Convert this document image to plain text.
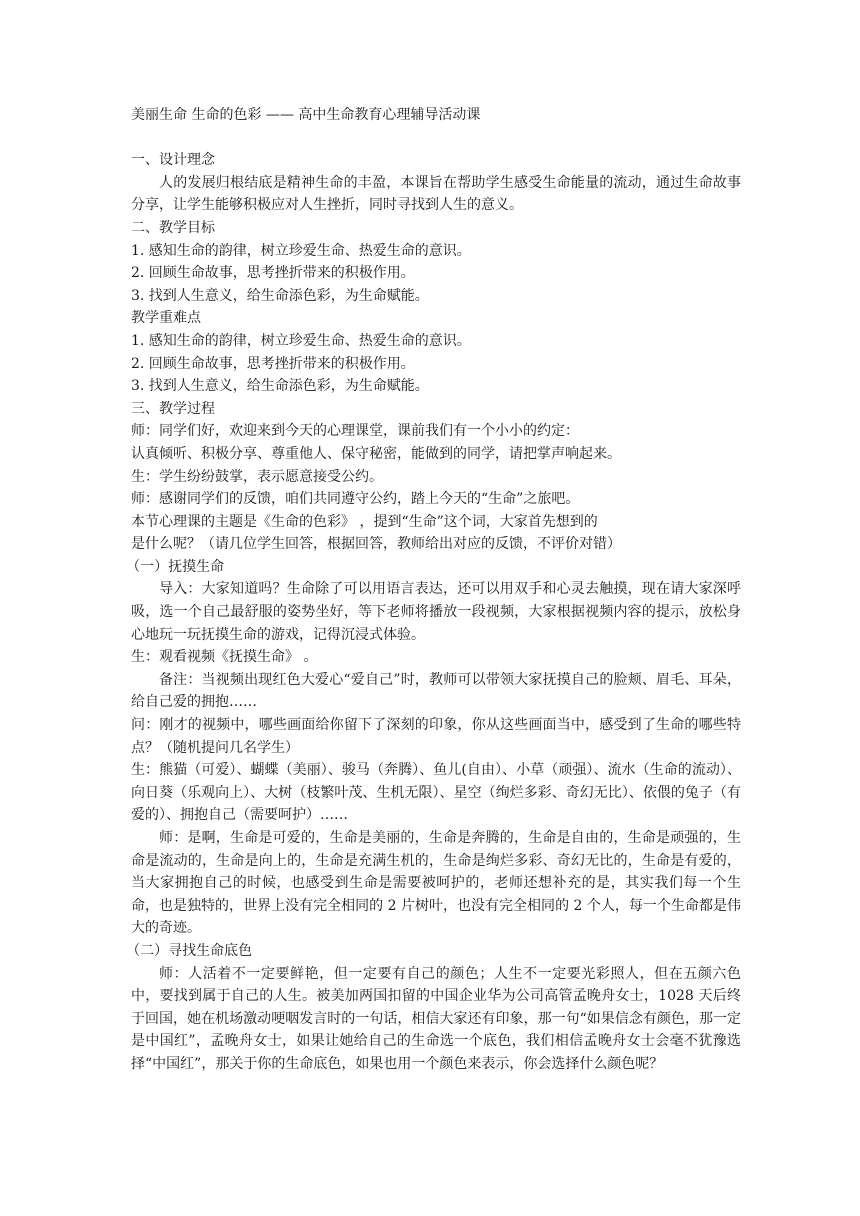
美丽生命 生命的色彩 —— 高中生命教育心理辅导活动课

一、设计理念

人的发展归根结底是精神生命的丰盈，本课旨在帮助学生感受生命能量的流动，通过生命故事分享，让学生能够积极应对人生挫折，同时寻找到人生的意义。

二、教学目标

1. 感知生命的韵律，树立珍爱生命、热爱生命的意识。

2. 回顾生命故事，思考挫折带来的积极作用。

3. 找到人生意义，给生命添色彩，为生命赋能。

教学重难点

1. 感知生命的韵律，树立珍爱生命、热爱生命的意识。

2. 回顾生命故事，思考挫折带来的积极作用。

3. 找到人生意义，给生命添色彩，为生命赋能。

三、教学过程

师：同学们好，欢迎来到今天的心理课堂，课前我们有一个小小的约定：

认真倾听、积极分享、尊重他人、保守秘密，能做到的同学，请把掌声响起来。

生：学生纷纷鼓掌，表示愿意接受公约。

师：感谢同学们的反馈，咱们共同遵守公约，踏上今天的“生命”之旅吧。

本节心理课的主题是《生命的色彩》 ，提到“生命”这个词，大家首先想到的

是什么呢？（请几位学生回答，根据回答，教师给出对应的反馈，不评价对错）

（一）抚摸生命

导入：大家知道吗？生命除了可以用语言表达，还可以用双手和心灵去触摸，现在请大家深呼吸，选一个自己最舒服的姿势坐好，等下老师将播放一段视频，大家根据视频内容的提示，放松身心地玩一玩抚摸生命的游戏，记得沉浸式体验。

生：观看视频《抚摸生命》 。

备注：当视频出现红色大爱心“爱自己”时，教师可以带领大家抚摸自己的脸颊、眉毛、耳朵，给自己爱的拥抱……

问：刚才的视频中，哪些画面给你留下了深刻的印象，你从这些画面当中，感受到了生命的哪些特点？（随机提问几名学生）

生：熊猫（可爱）、蝴蝶（美丽）、骏马（奔腾）、鱼儿(自由）、小草（顽强）、流水（生命的流动）、向日葵（乐观向上）、大树（枝繁叶茂、生机无限）、星空（绚烂多彩、奇幻无比）、依偎的兔子（有爱的）、拥抱自己（需要呵护）……

师：是啊，生命是可爱的，生命是美丽的，生命是奔腾的，生命是自由的，生命是顽强的，生命是流动的，生命是向上的，生命是充满生机的，生命是绚烂多彩、奇幻无比的，生命是有爱的，当大家拥抱自己的时候，也感受到生命是需要被呵护的，老师还想补充的是，其实我们每一个生命，也是独特的，世界上没有完全相同的 2 片树叶，也没有完全相同的 2 个人，每一个生命都是伟大的奇迹。

（二）寻找生命底色

师：人活着不一定要鲜艳，但一定要有自己的颜色；人生不一定要光彩照人，但在五颜六色中，要找到属于自己的人生。被美加两国扣留的中国企业华为公司高管孟晚舟女士，1028 天后终于回国，她在机场激动哽咽发言时的一句话，相信大家还有印象，那一句“如果信念有颜色，那一定是中国红”，孟晚舟女士，如果让她给自己的生命选一个底色，我们相信孟晚舟女士会毫不犹豫选择“中国红”，那关于你的生命底色，如果也用一个颜色来表示，你会选择什么颜色呢？
